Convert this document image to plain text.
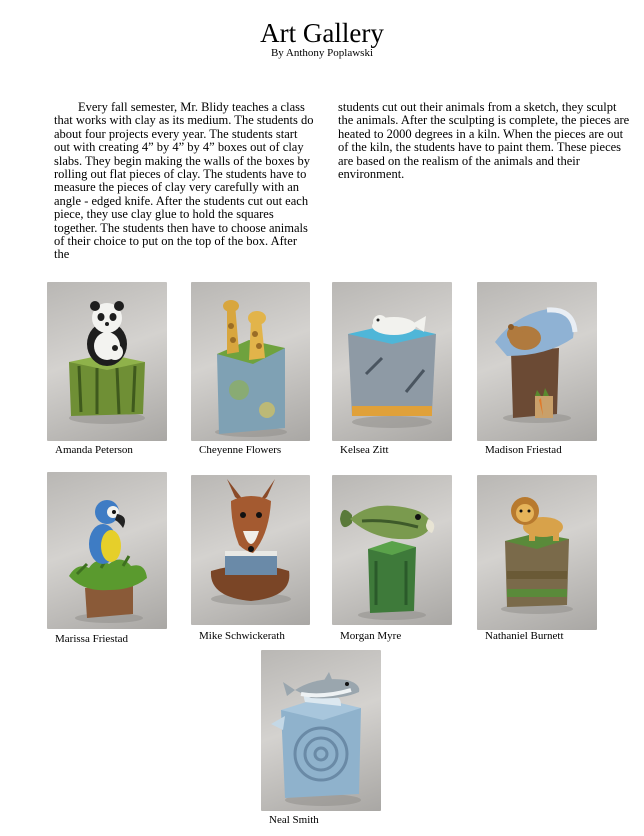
Art Gallery
By Anthony Poplawski

Every fall semester, Mr. Blidy teaches a class that works with clay as its medium. The students do about four projects every year. The students start out with creating 4” by 4” by 4” boxes out of clay slabs. They begin making the walls of the boxes by rolling out flat pieces of clay. The students have to measure the pieces of clay very carefully with an angle - edged knife. After the students cut out each piece, they use clay glue to hold the squares together. The students then have to choose animals of their choice to put on the top of the box. After the

students cut out their animals from a sketch, they sculpt the animals. After the sculpting is complete, the pieces are heated to 2000 degrees in a kiln. When the pieces are out of the kiln, the students have to paint them. These pieces are based on the realism of the animals and their environment.

Amanda Peterson	Cheyenne Flowers	Kelsea Zitt	Madison Friestad
Marissa Friestad	Mike Schwickerath	Morgan Myre	Nathaniel Burnett
Neal Smith
